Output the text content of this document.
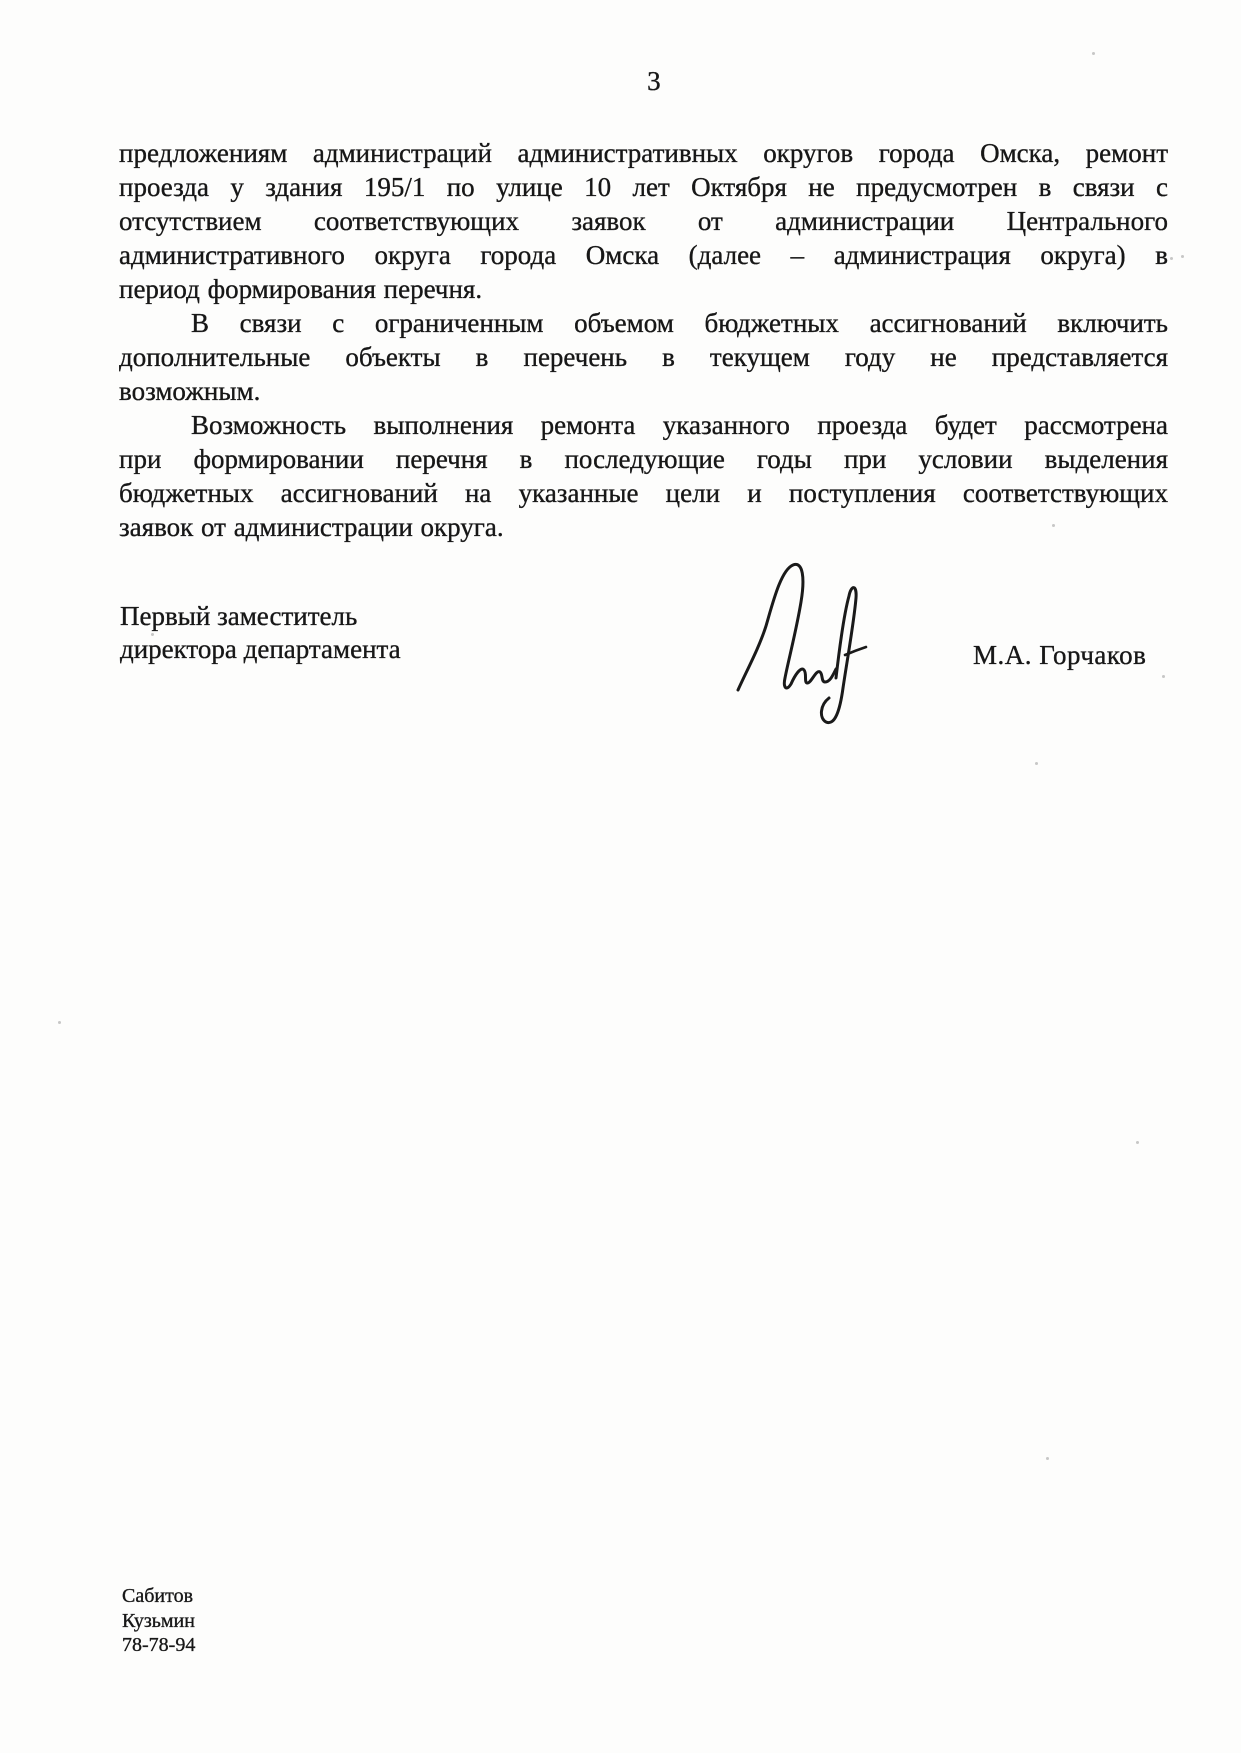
3
предложениям администраций административных округов города Омска, ремонт
проезда у здания 195/1 по улице 10 лет Октября не предусмотрен в связи с
отсутствием соответствующих заявок от администрации Центрального
административного округа города Омска (далее – администрация округа) в
период формирования перечня.
В связи с ограниченным объемом бюджетных ассигнований включить
дополнительные объекты в перечень в текущем году не представляется
возможным.
Возможность выполнения ремонта указанного проезда будет рассмотрена
при формировании перечня в последующие годы при условии выделения
бюджетных ассигнований на указанные цели и поступления соответствующих
заявок от администрации округа.
Первый заместитель
директора департамента	М.А. Горчаков
Сабитов
Кузьмин
78-78-94
